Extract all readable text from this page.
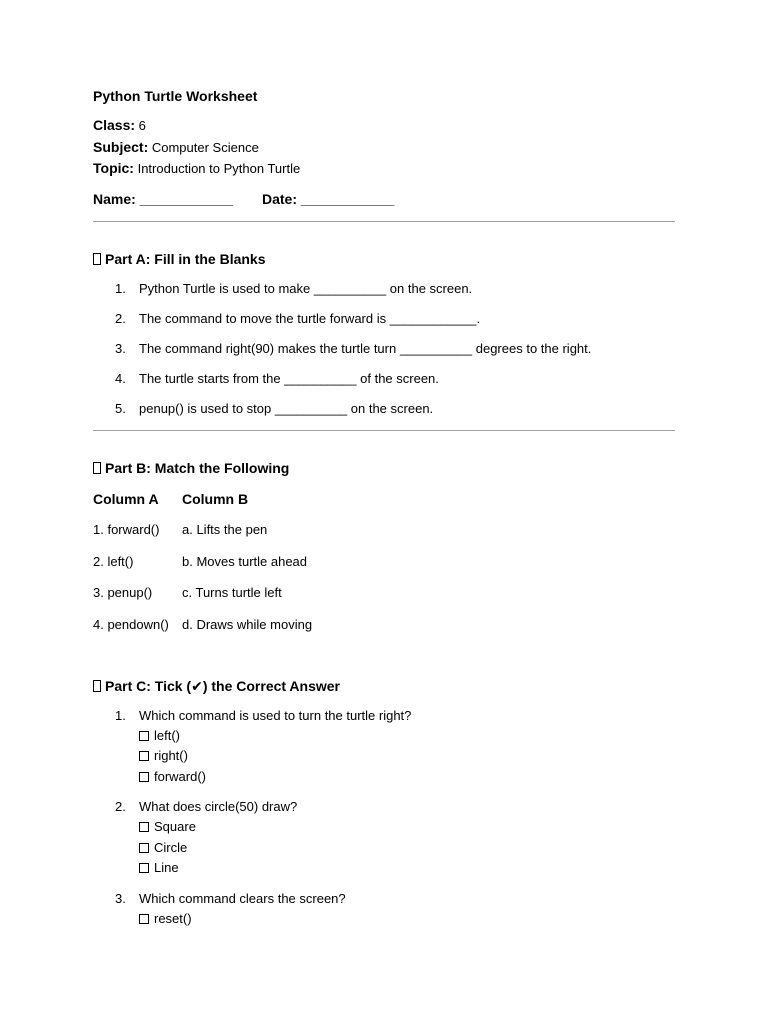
Python Turtle Worksheet
Class: 6
Subject: Computer Science
Topic: Introduction to Python Turtle
Name: ____________	Date: ____________
Part A: Fill in the Blanks
1.	Python Turtle is used to make __________ on the screen.
2.	The command to move the turtle forward is ____________.
3.	The command right(90) makes the turtle turn __________ degrees to the right.
4.	The turtle starts from the __________ of the screen.
5.	penup() is used to stop __________ on the screen.
Part B: Match the Following
Column A	Column B
1. forward()	a. Lifts the pen
2. left()	b. Moves turtle ahead
3. penup()	c. Turns turtle left
4. pendown()	d. Draws while moving
Part C: Tick (✔) the Correct Answer
1.	Which command is used to turn the turtle right?
left()
right()
forward()
2.	What does circle(50) draw?
Square
Circle
Line
3.	Which command clears the screen?
reset()
